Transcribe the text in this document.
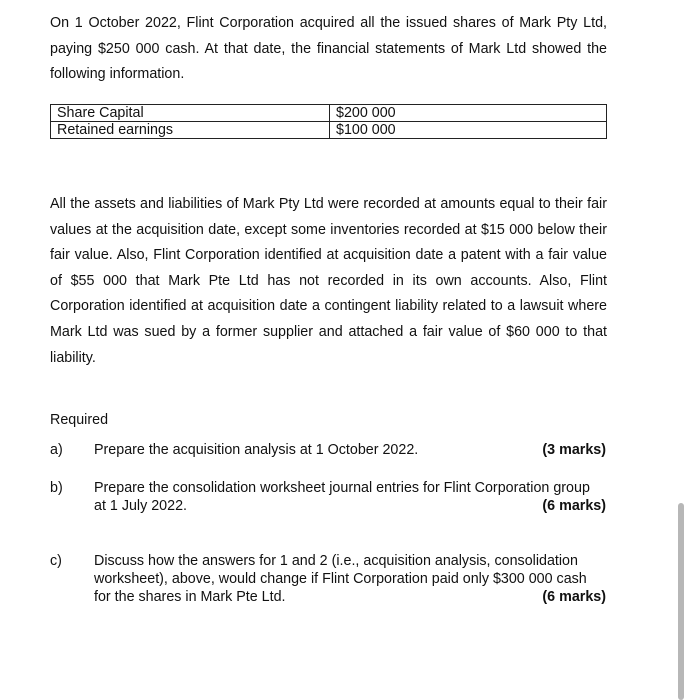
On 1 October 2022, Flint Corporation acquired all the issued shares of Mark Pty Ltd, paying $250 000 cash. At that date, the financial statements of Mark Ltd showed the following information.

Share Capital	$200 000
Retained earnings	$100 000

All the assets and liabilities of Mark Pty Ltd were recorded at amounts equal to their fair values at the acquisition date, except some inventories recorded at $15 000 below their fair value. Also, Flint Corporation identified at acquisition date a patent with a fair value of $55 000 that Mark Pte Ltd has not recorded in its own accounts. Also, Flint Corporation identified at acquisition date a contingent liability related to a lawsuit where Mark Ltd was sued by a former supplier and attached a fair value of $60 000 to that liability.

Required

a) Prepare the acquisition analysis at 1 October 2022.	(3 marks)
b) Prepare the consolidation worksheet journal entries for Flint Corporation group
at 1 July 2022.	(6 marks)
c) Discuss how the answers for 1 and 2 (i.e., acquisition analysis, consolidation
worksheet), above, would change if Flint Corporation paid only $300 000 cash
for the shares in Mark Pte Ltd.	(6 marks)
